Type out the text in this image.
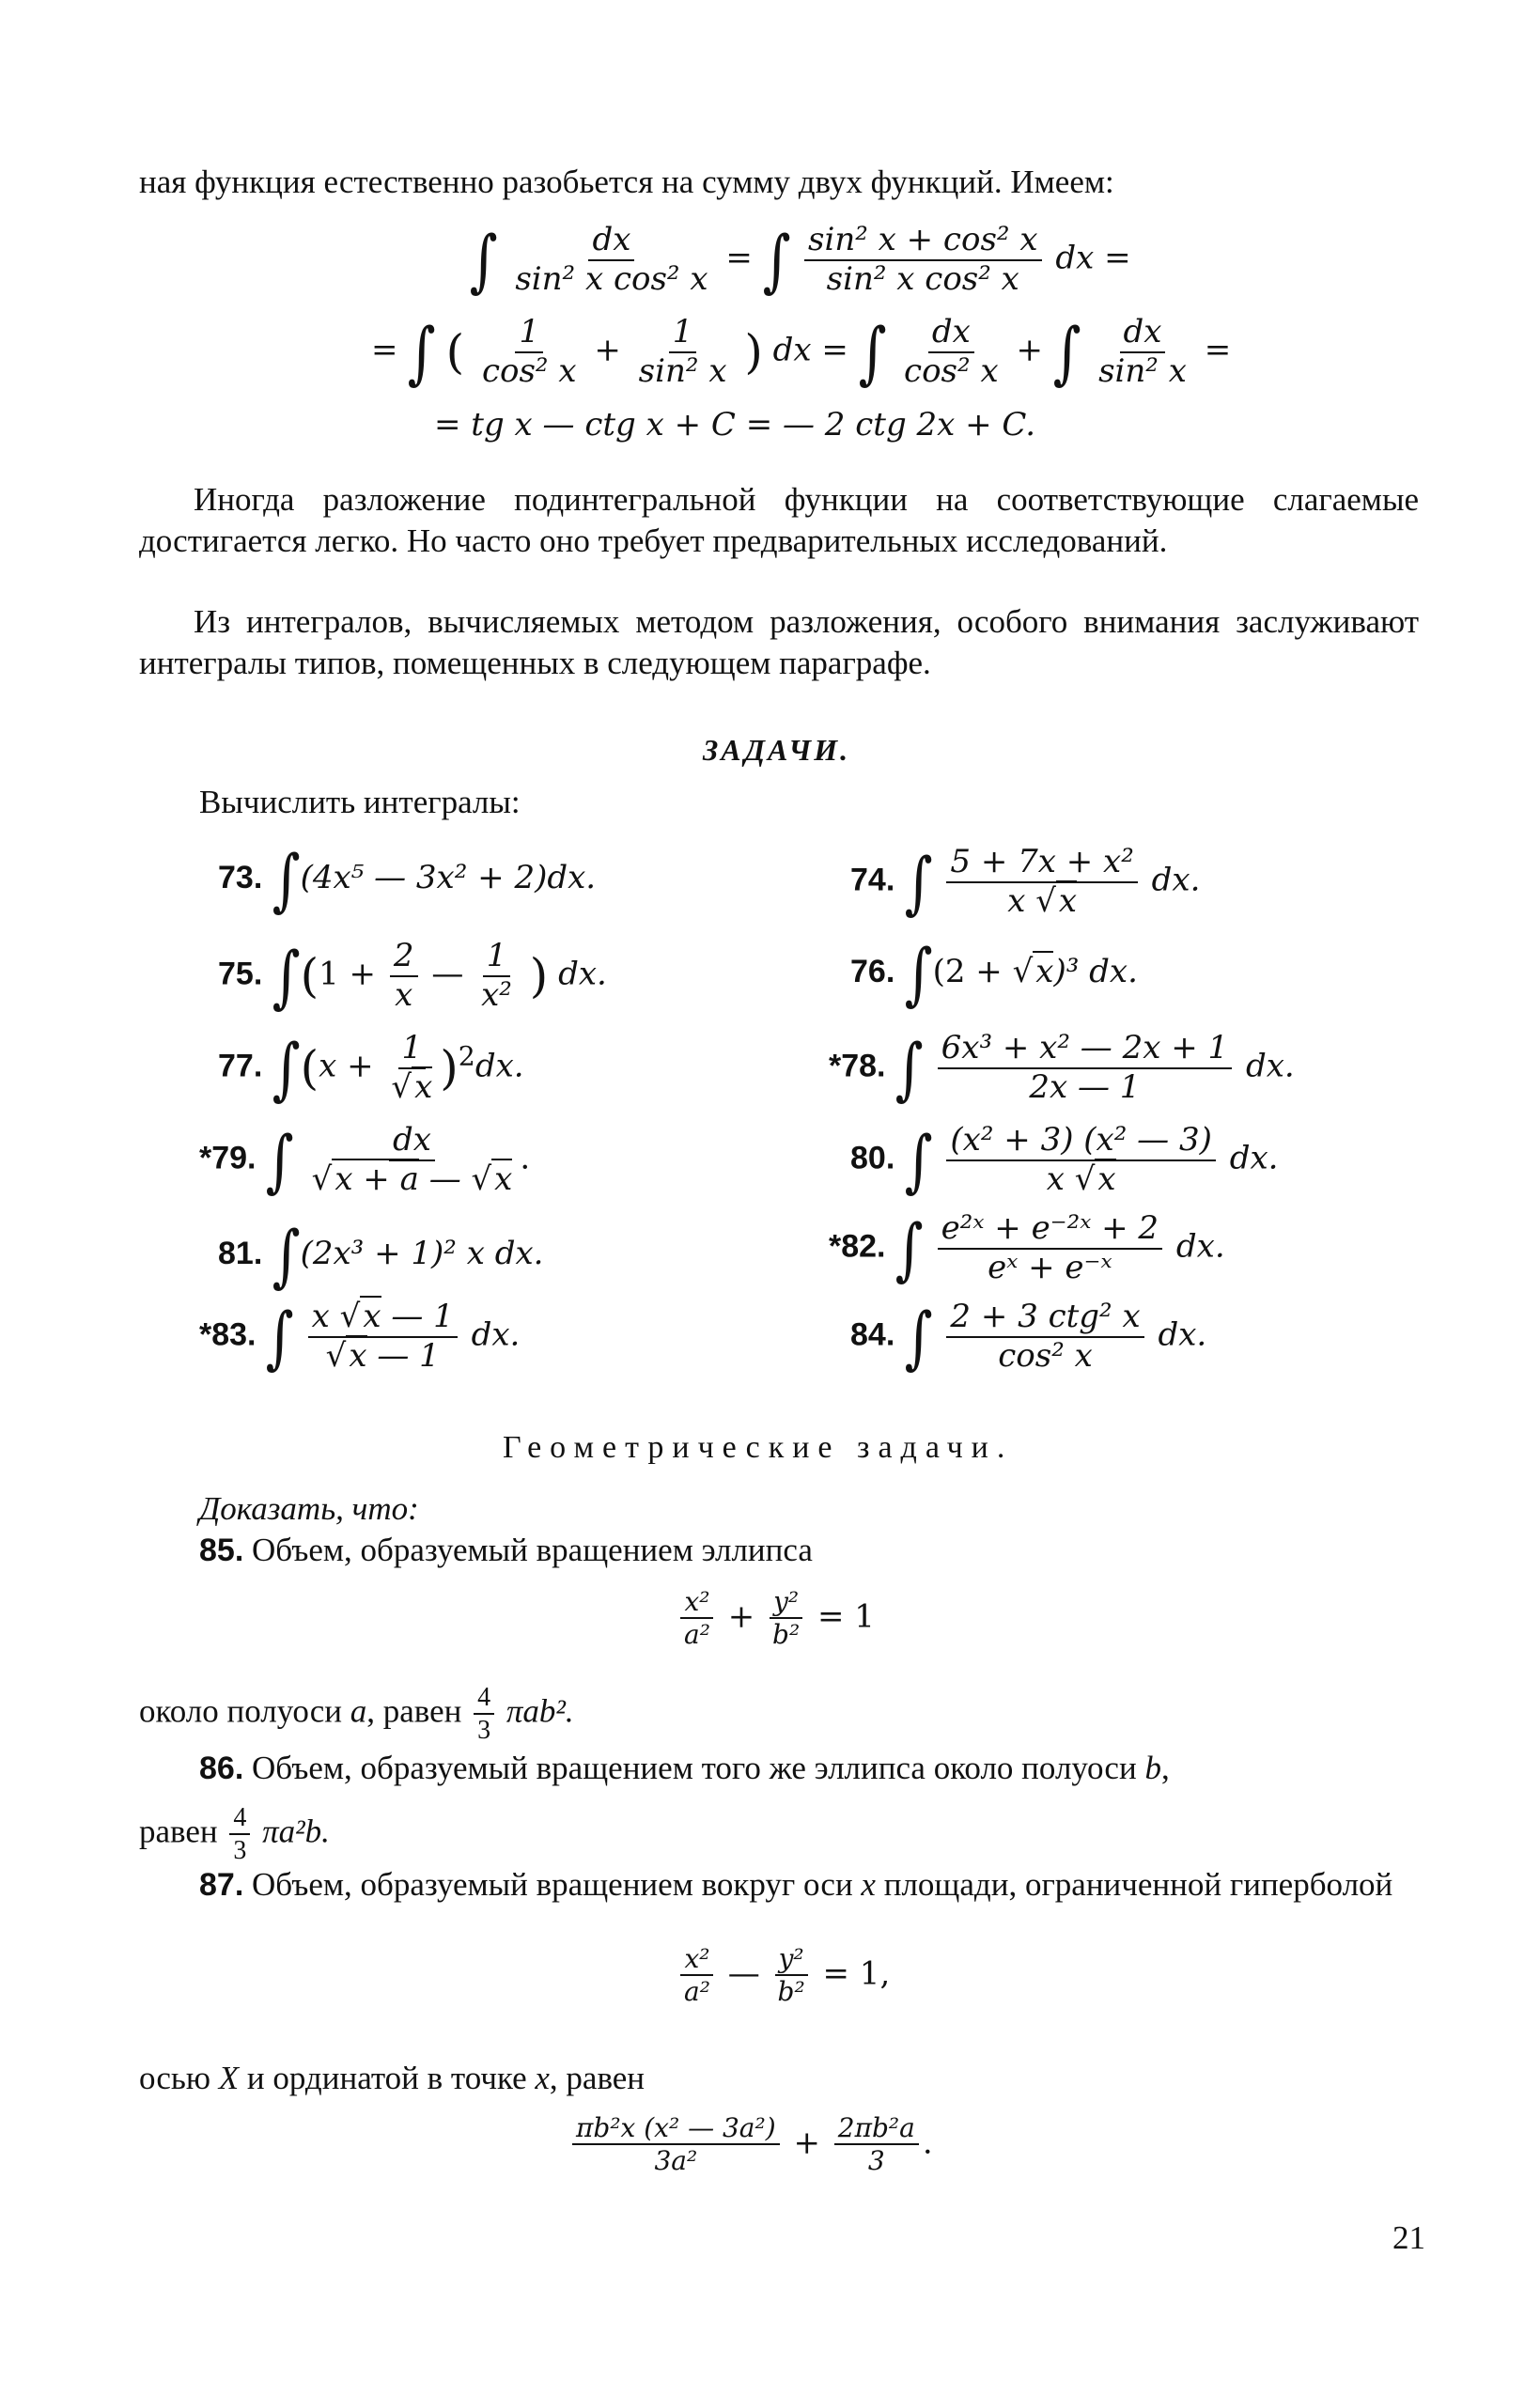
ная функция естественно разобьется на сумму двух функций. Имеем:
∫ $\frac{dx}{\text{sin² x cos² x}}$ = ∫ $\frac{\text{sin² x + cos² x}}{\text{sin² x cos² x}}$ dx =
= ∫ ( $\frac{1}{\text{cos² x}} + \frac{1}{\text{sin² x}}$ ) dx = ∫ $\frac{dx}{\text{cos² x}}$ + ∫ $\frac{dx}{\text{sin² x}}$ =
= tg x — ctg x + C = — 2 ctg 2x + C.
Иногда разложение подинтегральной функции на соответствующие слагаемые достигается легко. Но часто оно требует предварительных исследований.
Из интегралов, вычисляемых методом разложения, особого внимания заслуживают интегралы типов, помещенных в следующем параграфе.
ЗАДАЧИ.
Вычислить интегралы:
73. ∫(4x⁵ — 3x² + 2)dx.
75. $\int(1 + \frac{2}{x}$ — $\frac{1}{\text{x²}}$ ) dx.
77. $\int(x + \frac{1}{√x} )^2dx$.
*79. ∫ $\frac{dx}{√x + a — √x}$ .
81. ∫(2x³ + 1)² x dx.
*83. ∫ $\frac{x √x — 1}{√x — 1}$ dx.
74. ∫ $\frac{\text{5 + 7x + x²}}{x √x}$ dx.
76. ∫(2 + √x)³ dx.
*78. ∫ $\frac{\text{6x³ + x² — 2x + 1}}{2x — 1}$ dx.
80. ∫ $\frac{\text{(x² + 3) (x² — 3)}}{x √x}$ dx.
*82. ∫ $\frac{\text{e²ˣ + e⁻²ˣ + 2}}{\text{eˣ + e⁻ˣ}}$ dx.
84. ∫ $\frac{\text{2 + 3 ctg² x}}{\text{cos² x}}$ dx.
Геометрические задачи.
Доказать, что:
85. Объем, образуемый вращением эллипса
$\frac{\text{x²}}{\text{a²}} + \frac{\text{y²}}{\text{b²}} = 1$
около полуоси a, равен $\frac{4}{3} \pi ab^2$.
86. Объем, образуемый вращением того же эллипса около полуоси b,
равен $\frac{4}{3} \pi a^2b$.
87. Объем, образуемый вращением вокруг оси x площади, ограниченной гиперболой
$\frac{\text{x²}}{\text{a²}}$ — $\frac{\text{y²}}{\text{b²}} = 1$,
осью X и ординатой в точке x, равен
$\frac{\text{πb²x (x² — 3a²)}}{\text{3a²}} + \frac{\text{2πb²a}}{3}$ .
21
